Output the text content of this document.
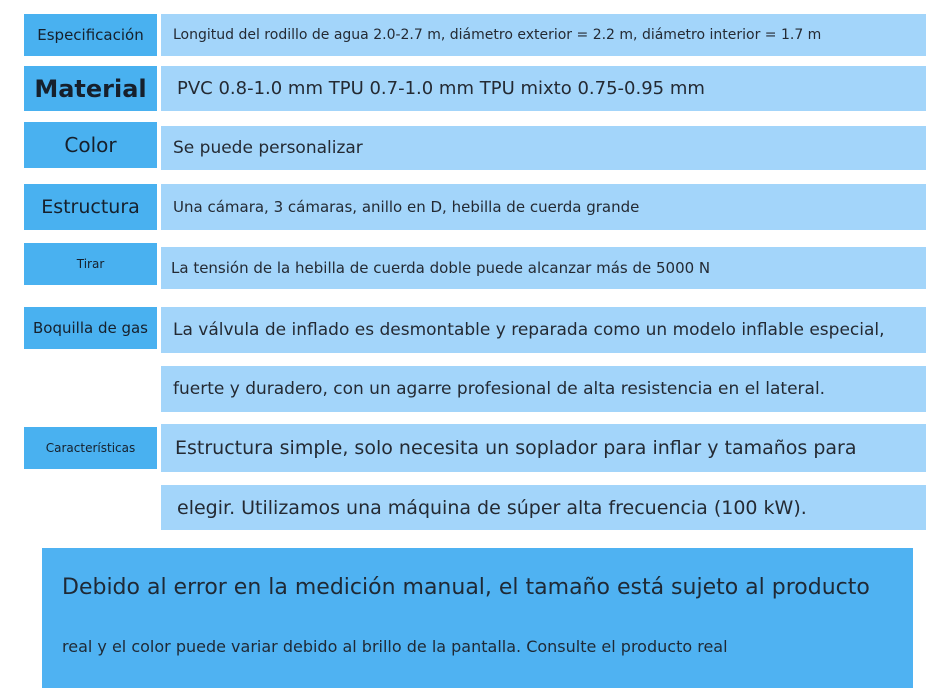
Especificación	Longitud del rodillo de agua 2.0-2.7 m, diámetro exterior = 2.2 m, diámetro interior = 1.7 m
Material	PVC 0.8-1.0 mm TPU 0.7-1.0 mm TPU mixto 0.75-0.95 mm
Color	Se puede personalizar
Estructura	Una cámara, 3 cámaras, anillo en D, hebilla de cuerda grande
Tirar	La tensión de la hebilla de cuerda doble puede alcanzar más de 5000 N
Boquilla de gas	La válvula de inflado es desmontable y reparada como un modelo inflable especial,
fuerte y duradero, con un agarre profesional de alta resistencia en el lateral.
Características	Estructura simple, solo necesita un soplador para inflar y tamaños para
elegir. Utilizamos una máquina de súper alta frecuencia (100 kW).
Debido al error en la medición manual, el tamaño está sujeto al producto
real y el color puede variar debido al brillo de la pantalla. Consulte el producto real
